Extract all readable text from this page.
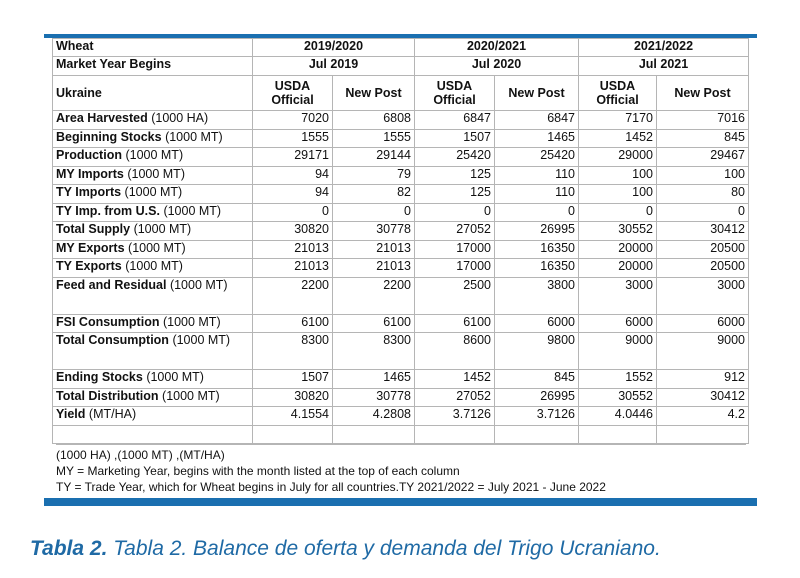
Wheat	2019/2020		2020/2021		2021/2022	
Market Year Begins	Jul 2019		Jul 2020		Jul 2021	
Ukraine	USDA Official	New Post	USDA Official	New Post	USDA Official	New Post
Area Harvested (1000 HA)	7020	6808	6847	6847	7170	7016
Beginning Stocks (1000 MT)	1555	1555	1507	1465	1452	845
Production (1000 MT)	29171	29144	25420	25420	29000	29467
MY Imports (1000 MT)	94	79	125	110	100	100
TY Imports (1000 MT)	94	82	125	110	100	80
TY Imp. from U.S. (1000 MT)	0	0	0	0	0	0
Total Supply (1000 MT)	30820	30778	27052	26995	30552	30412
MY Exports (1000 MT)	21013	21013	17000	16350	20000	20500
TY Exports (1000 MT)	21013	21013	17000	16350	20000	20500
Feed and Residual (1000 MT)	2200	2200	2500	3800	3000	3000
FSI Consumption (1000 MT)	6100	6100	6100	6000	6000	6000
Total Consumption (1000 MT)	8300	8300	8600	9800	9000	9000
Ending Stocks (1000 MT)	1507	1465	1452	845	1552	912
Total Distribution (1000 MT)	30820	30778	27052	26995	30552	30412
Yield (MT/HA)	4.1554	4.2808	3.7126	3.7126	4.0446	4.2

(1000 HA) ,(1000 MT) ,(MT/HA)
MY = Marketing Year, begins with the month listed at the top of each column
TY = Trade Year, which for Wheat begins in July for all countries.TY 2021/2022 = July 2021 - June 2022
Tabla 2. Tabla 2. Balance de oferta y demanda del Trigo Ucraniano.
